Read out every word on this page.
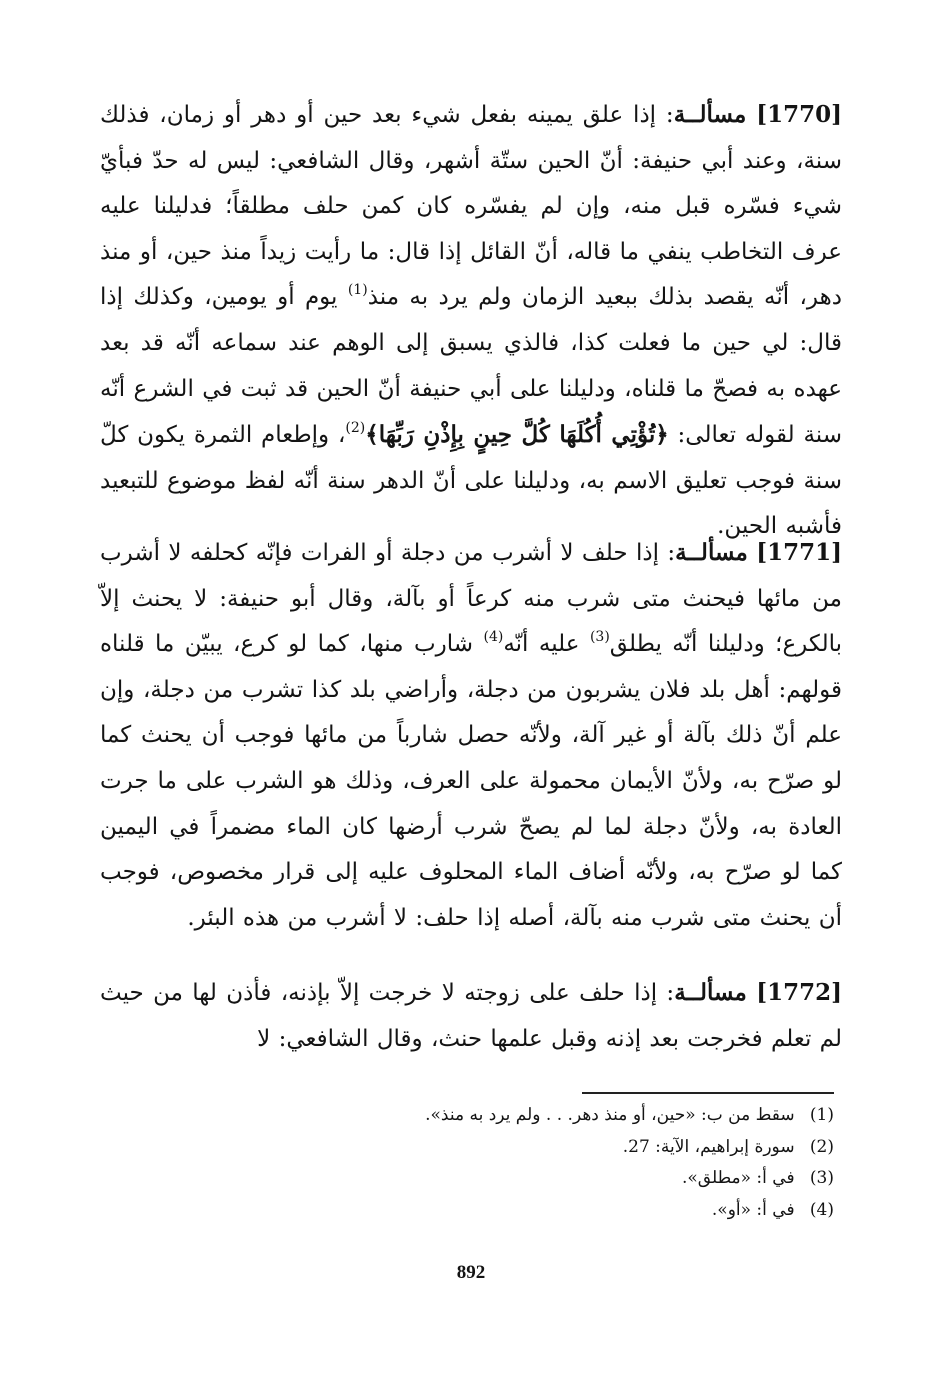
[1770] مسألــة: إذا علق يمينه بفعل شيء بعد حين أو دهر أو زمان، فذلك سنة، وعند أبي حنيفة: أنّ الحين ستّة أشهر، وقال الشافعي: ليس له حدّ فبأيّ شيء فسّره قبل منه، وإن لم يفسّره كان كمن حلف مطلقاً؛ فدليلنا عليه عرف التخاطب ينفي ما قاله، أنّ القائل إذا قال: ما رأيت زيداً منذ حين، أو منذ دهر، أنّه يقصد بذلك ببعيد الزمان ولم يرد به منذ$^{(1)}$ يوم أو يومين، وكذلك إذا قال: لي حين ما فعلت كذا، فالذي يسبق إلى الوهم عند سماعه أنّه قد بعد عهده به فصحّ ما قلناه، ودليلنا على أبي حنيفة أنّ الحين قد ثبت في الشرع أنّه سنة لقوله تعالى: ﴿تُؤْتِي أُكُلَهَا كُلَّ حِينٍ بِإِذْنِ رَبِّهَا﴾$^{(2)}$، وإطعام الثمرة يكون كلّ سنة فوجب تعليق الاسم به، ودليلنا على أنّ الدهر سنة أنّه لفظ موضوع للتبعيد فأشبه الحين.
[1771] مسألــة: إذا حلف لا أشرب من دجلة أو الفرات فإنّه كحلفه لا أشرب من مائها فيحنث متى شرب منه كرعاً أو بآلة، وقال أبو حنيفة: لا يحنث إلاّ بالكرع؛ ودليلنا أنّه يطلق$^{(3)}$ عليه أنّه$^{(4)}$ شارب منها، كما لو كرع، يبيّن ما قلناه قولهم: أهل بلد فلان يشربون من دجلة، وأراضي بلد كذا تشرب من دجلة، وإن علم أنّ ذلك بآلة أو غير آلة، ولأنّه حصل شارباً من مائها فوجب أن يحنث كما لو صرّح به، ولأنّ الأيمان محمولة على العرف، وذلك هو الشرب على ما جرت العادة به، ولأنّ دجلة لما لم يصحّ شرب أرضها كان الماء مضمراً في اليمين كما لو صرّح به، ولأنّه أضاف الماء المحلوف عليه إلى قرار مخصوص، فوجب أن يحنث متى شرب منه بآلة، أصله إذا حلف: لا أشرب من هذه البئر.
[1772] مسألــة: إذا حلف على زوجته لا خرجت إلاّ بإذنه، فأذن لها من حيث لم تعلم فخرجت بعد إذنه وقبل علمها حنث، وقال الشافعي: لا
(1) سقط من ب: «حين، أو منذ دهر. . . ولم يرد به منذ».
(2) سورة إبراهيم، الآية: 27.
(3) في أ: «مطلق».
(4) في أ: «أو».
892
